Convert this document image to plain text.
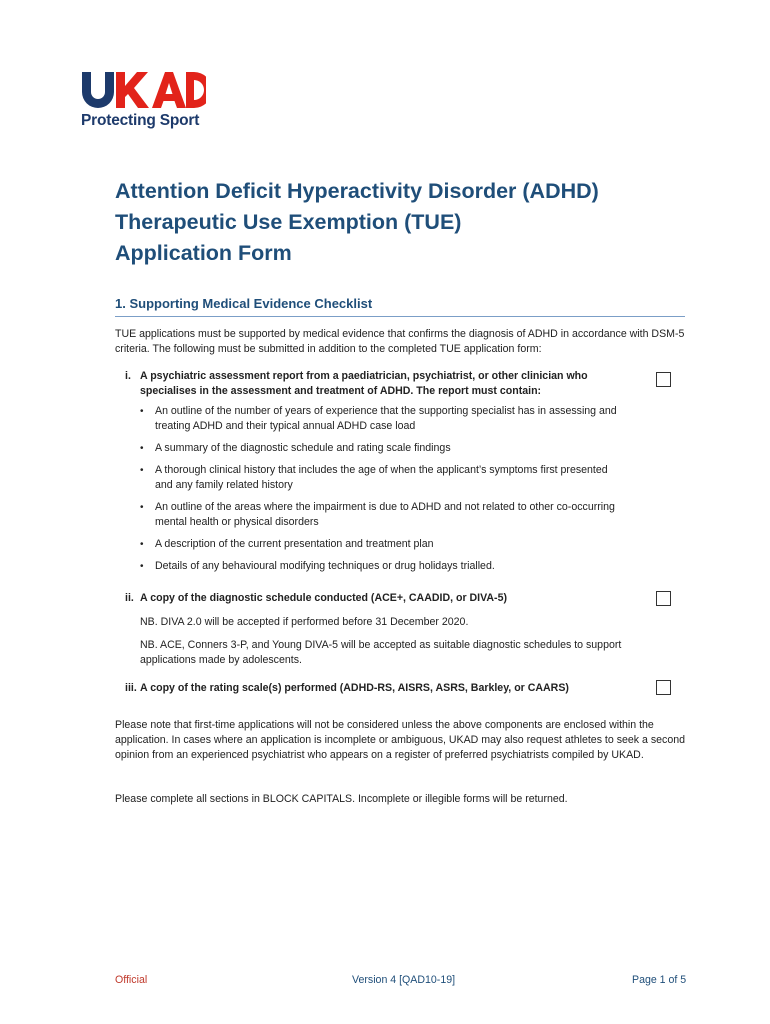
Protecting Sport
Attention Deficit Hyperactivity Disorder (ADHD)
Therapeutic Use Exemption (TUE)
Application Form
1. Supporting Medical Evidence Checklist

TUE applications must be supported by medical evidence that confirms the diagnosis of ADHD in accordance with DSM-5 criteria. The following must be submitted in addition to the completed TUE application form:

i. A psychiatric assessment report from a paediatrician, psychiatrist, or other clinician who specialises in the assessment and treatment of ADHD. The report must contain:
• An outline of the number of years of experience that the supporting specialist has in assessing and treating ADHD and their typical annual ADHD case load
• A summary of the diagnostic schedule and rating scale findings
• A thorough clinical history that includes the age of when the applicant’s symptoms first presented and any family related history
• An outline of the areas where the impairment is due to ADHD and not related to other co-occurring mental health or physical disorders
• A description of the current presentation and treatment plan
• Details of any behavioural modifying techniques or drug holidays trialled.
ii. A copy of the diagnostic schedule conducted (ACE+, CAADID, or DIVA-5)

NB. DIVA 2.0 will be accepted if performed before 31 December 2020.

NB. ACE, Conners 3-P, and Young DIVA-5 will be accepted as suitable diagnostic schedules to support applications made by adolescents.

iii. A copy of the rating scale(s) performed (ADHD-RS, AISRS, ASRS, Barkley, or CAARS)

Please note that first-time applications will not be considered unless the above components are enclosed within the application. In cases where an application is incomplete or ambiguous, UKAD may also request athletes to seek a second opinion from an experienced psychiatrist who appears on a register of preferred psychiatrists compiled by UKAD.

Please complete all sections in BLOCK CAPITALS. Incomplete or illegible forms will be returned.

Official	Version 4 [QAD10-19]	Page 1 of 5
